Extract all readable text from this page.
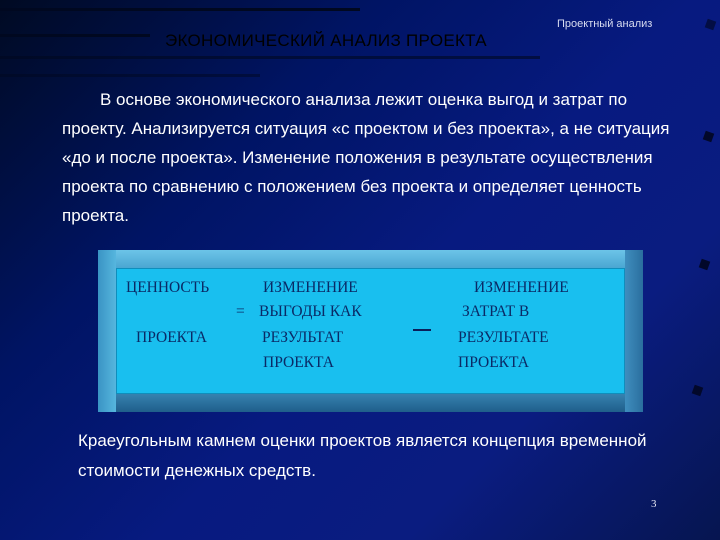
ЭКОНОМИЧЕСКИЙ АНАЛИЗ ПРОЕКТА
Проектный анализ
В основе экономического анализа лежит оценка выгод и затрат по проекту. Анализируется ситуация «с проектом и без проекта», а не ситуация «до и после проекта». Изменение положения в результате осуществления проекта по сравнению с положением без проекта и определяет ценность проекта.
ЦЕННОСТЬ
ПРОЕКТА
=
ИЗМЕНЕНИЕ
ВЫГОДЫ КАК
РЕЗУЛЬТАТ
ПРОЕКТА
ИЗМЕНЕНИЕ
ЗАТРАТ В
РЕЗУЛЬТАТЕ
ПРОЕКТА
Краеугольным камнем оценки проектов является концепция временной стоимости денежных средств.
3
